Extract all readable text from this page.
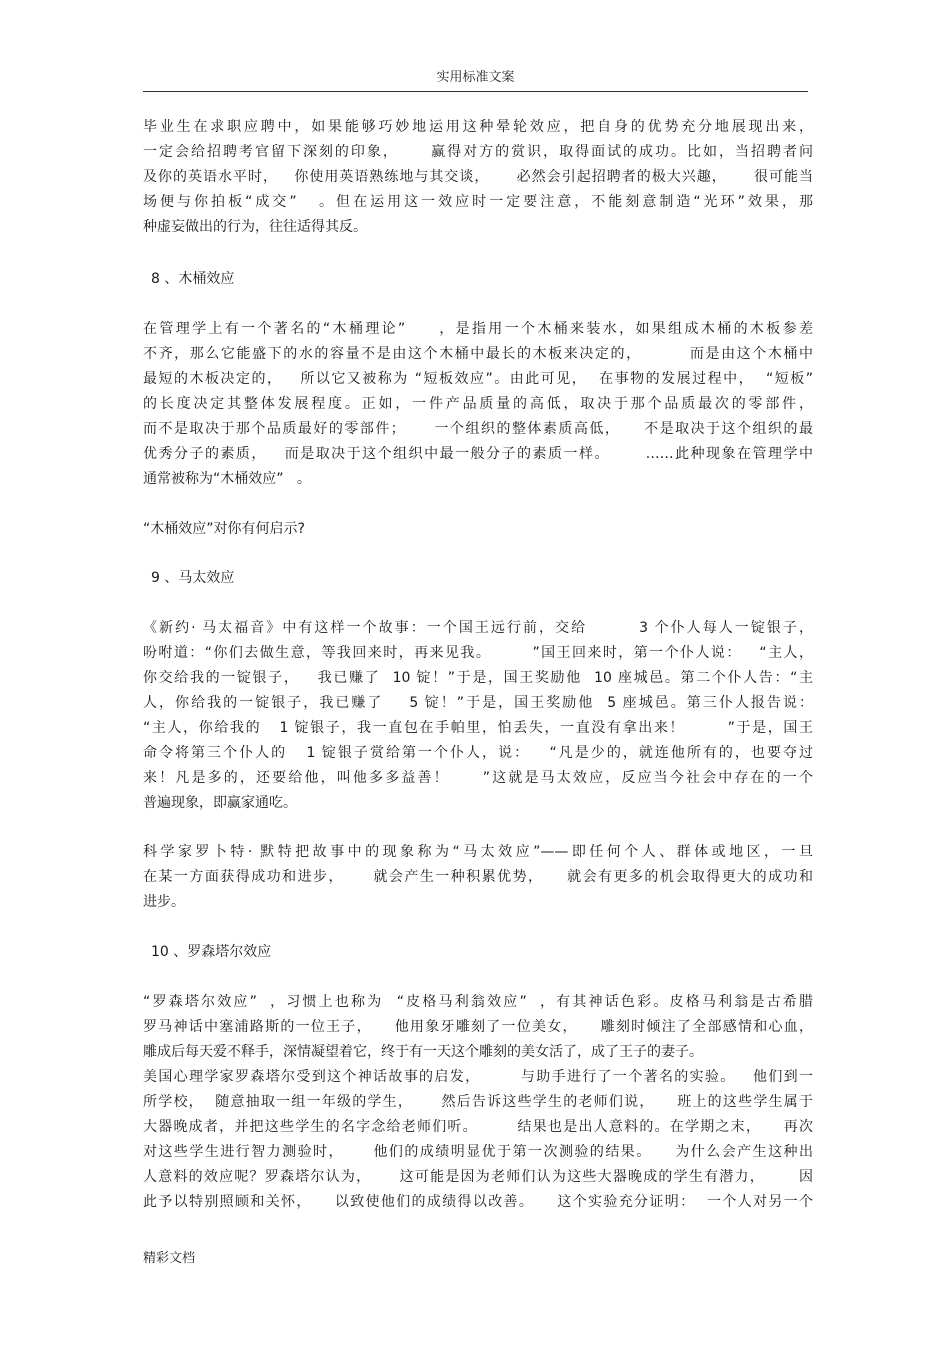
实用标准文案
毕业生在求职应聘中，如果能够巧妙地运用这种晕轮效应，把自身的优势充分地展现出来，
一定会给招聘考官留下深刻的印象，     赢得对方的赏识，取得面试的成功。比如，当招聘者问
及你的英语水平时，   你使用英语熟练地与其交谈，     必然会引起招聘者的极大兴趣，     很可能当
场便与你拍板“成交”   。但在运用这一效应时一定要注意，不能刻意制造“光环”效果，那
种虚妄做出的行为，往往适得其反。
8 、木桶效应
在管理学上有一个著名的“木桶理论”     ，是指用一个木桶来装水，如果组成木桶的木板参差
不齐，那么它能盛下的水的容量不是由这个木桶中最长的木板来决定的，        而是由这个木桶中
最短的木板决定的，   所以它又被称为 “短板效应”。由此可见，  在事物的发展过程中，  “短板”
的长度决定其整体发展程度。正如，一件产品质量的高低，取决于那个品质最次的零部件，
而不是取决于那个品质最好的零部件；     一个组织的整体素质高低，    不是取决于这个组织的最
优秀分子的素质，   而是取决于这个组织中最一般分子的素质一样。      ……此种现象在管理学中
通常被称为“木桶效应”   。
“木桶效应”对你有何启示?
9 、马太效应
《新约· 马太福音》中有这样一个故事：一个国王远行前，交给        3 个仆人每人一锭银子，
吩咐道：“你们去做生意，等我回来时，再来见我。       ”国王回来时，第一个仆人说：   “主人，
你交给我的一锭银子，   我已赚了  10 锭！”于是，国王奖励他  10 座城邑。第二个仆人告：“主
人，你给我的一锭银子，我已赚了    5 锭！”于是，国王奖励他  5 座城邑。第三仆人报告说：
“主人，你给我的   1 锭银子，我一直包在手帕里，怕丢失，一直没有拿出来！       ”于是，国王
命令将第三个仆人的   1 锭银子赏给第一个仆人，说：   “凡是少的，就连他所有的，也要夺过
来！凡是多的，还要给他，叫他多多益善！     ”这就是马太效应，反应当今社会中存在的一个
普遍现象，即赢家通吃。
科学家罗卜特· 默特把故事中的现象称为“马太效应”——即任何个人、群体或地区，一旦
在某一方面获得成功和进步，     就会产生一种积累优势，    就会有更多的机会取得更大的成功和
进步。
10 、罗森塔尔效应
“罗森塔尔效应”  ，习惯上也称为  “皮格马利翁效应”  ，有其神话色彩。皮格马利翁是古希腊
罗马神话中塞浦路斯的一位王子，    他用象牙雕刻了一位美女，    雕刻时倾注了全部感情和心血，
雕成后每天爱不释手，深情凝望着它，终于有一天这个雕刻的美女活了，成了王子的妻子。
美国心理学家罗森塔尔受到这个神话故事的启发，       与助手进行了一个著名的实验。   他们到一
所学校，  随意抽取一组一年级的学生，     然后告诉这些学生的老师们说，    班上的这些学生属于
大器晚成者，并把这些学生的名字念给老师们听。       结果也是出人意料的。在学期之末，    再次
对这些学生进行智力测验时，     他们的成绩明显优于第一次测验的结果。    为什么会产生这种出
人意料的效应呢？罗森塔尔认为，     这可能是因为老师们认为这些大器晚成的学生有潜力，      因
此予以特别照顾和关怀，    以致使他们的成绩得以改善。    这个实验充分证明：  一个人对另一个
精彩文档
